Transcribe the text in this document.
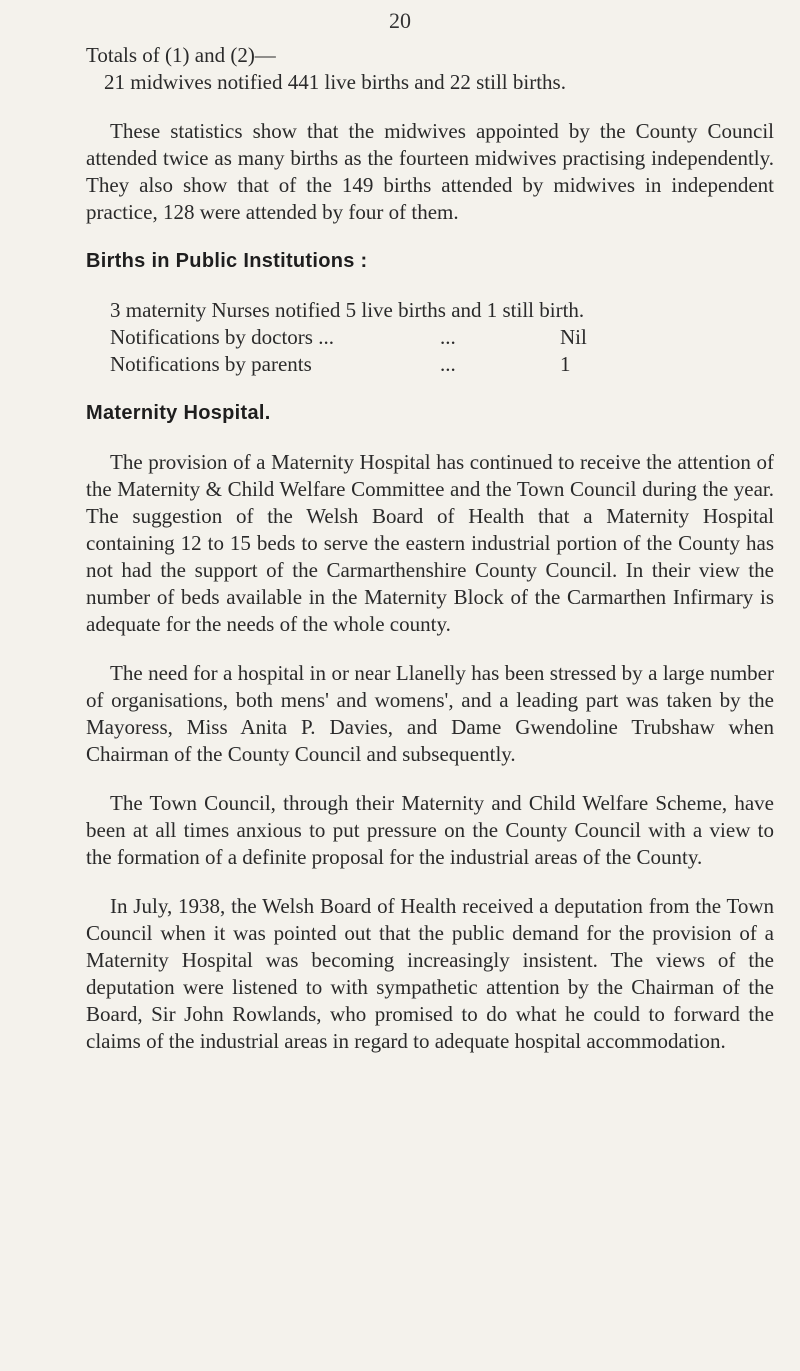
20

Totals of (1) and (2)—

21 midwives notified 441 live births and 22 still births.

These statistics show that the midwives appointed by the County Council attended twice as many births as the fourteen midwives practising independently. They also show that of the 149 births attended by midwives in independent practice, 128 were attended by four of them.

Births in Public Institutions :

3 maternity Nurses notified 5 live births and 1 still birth.

Notifications by doctors ...	...	Nil
Notifications by parents	...	1

Maternity Hospital.

The provision of a Maternity Hospital has continued to receive the attention of the Maternity & Child Welfare Committee and the Town Council during the year. The suggestion of the Welsh Board of Health that a Maternity Hospital containing 12 to 15 beds to serve the eastern industrial portion of the County has not had the support of the Carmarthenshire County Council. In their view the number of beds available in the Maternity Block of the Carmarthen Infirmary is adequate for the needs of the whole county.

The need for a hospital in or near Llanelly has been stressed by a large number of organisations, both mens' and womens', and a leading part was taken by the Mayoress, Miss Anita P. Davies, and Dame Gwendoline Trubshaw when Chairman of the County Council and subsequently.

The Town Council, through their Maternity and Child Welfare Scheme, have been at all times anxious to put pressure on the County Council with a view to the formation of a definite proposal for the industrial areas of the County.

In July, 1938, the Welsh Board of Health received a deputation from the Town Council when it was pointed out that the public demand for the provision of a Maternity Hospital was becoming increasingly insistent. The views of the deputation were listened to with sympathetic attention by the Chairman of the Board, Sir John Rowlands, who promised to do what he could to forward the claims of the industrial areas in regard to adequate hospital accommodation.
